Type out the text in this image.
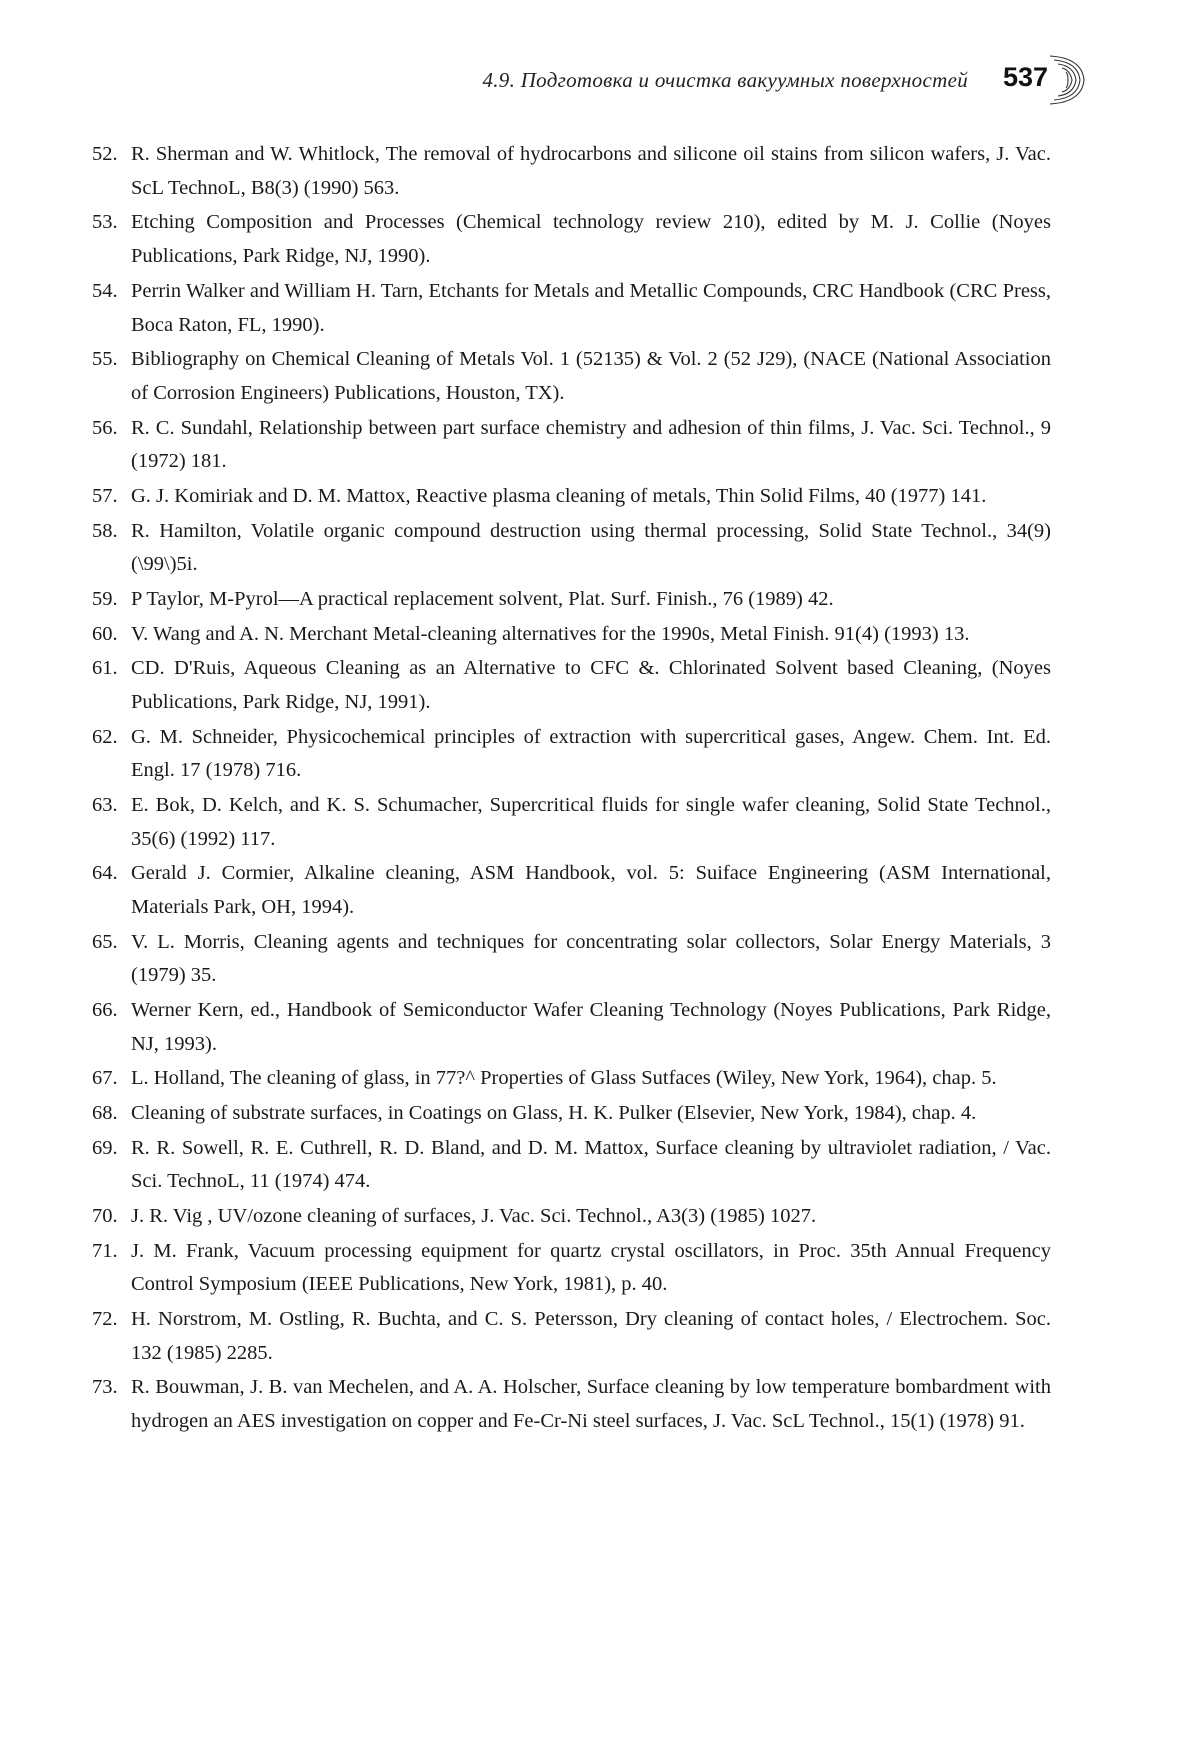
4.9. Подготовка и очистка вакуумных поверхностей 537
52. R. Sherman and W. Whitlock, The removal of hydrocarbons and silicone oil stains from silicon wafers, J. Vac. ScL TechnoL, B8(3) (1990) 563.
53. Etching Composition and Processes (Chemical technology review 210), edited by M. J. Collie (Noyes Publications, Park Ridge, NJ, 1990).
54. Perrin Walker and William H. Tarn, Etchants for Metals and Metallic Compounds, CRC Handbook (CRC Press, Boca Raton, FL, 1990).
55. Bibliography on Chemical Cleaning of Metals Vol. 1 (52135) & Vol. 2 (52 J29), (NACE (National Association of Corrosion Engineers) Publications, Houston, TX).
56. R. C. Sundahl, Relationship between part surface chemistry and adhesion of thin films, J. Vac. Sci. Technol., 9 (1972) 181.
57. G. J. Komiriak and D. M. Mattox, Reactive plasma cleaning of metals, Thin Solid Films, 40 (1977) 141.
58. R. Hamilton, Volatile organic compound destruction using thermal processing, Solid State Technol., 34(9)(\99\)5i.
59. P Taylor, M-Pyrol—A practical replacement solvent, Plat. Surf. Finish., 76 (1989) 42.
60. V. Wang and A. N. Merchant Metal-cleaning alternatives for the 1990s, Metal Finish. 91(4) (1993) 13.
61. CD. D'Ruis, Aqueous Cleaning as an Alternative to CFC &. Chlorinated Solvent based Cleaning, (Noyes Publications, Park Ridge, NJ, 1991).
62. G. M. Schneider, Physicochemical principles of extraction with supercritical gases, Angew. Chem. Int. Ed. Engl. 17 (1978) 716.
63. E. Bok, D. Kelch, and K. S. Schumacher, Supercritical fluids for single wafer cleaning, Solid State Technol., 35(6) (1992) 117.
64. Gerald J. Cormier, Alkaline cleaning, ASM Handbook, vol. 5: Suiface Engineering (ASM International, Materials Park, OH, 1994).
65. V. L. Morris, Cleaning agents and techniques for concentrating solar collectors, Solar Energy Materials, 3 (1979) 35.
66. Werner Kern, ed., Handbook of Semiconductor Wafer Cleaning Technology (Noyes Publications, Park Ridge, NJ, 1993).
67. L. Holland, The cleaning of glass, in 77?^ Properties of Glass Sutfaces (Wiley, New York, 1964), chap. 5.
68. Cleaning of substrate surfaces, in Coatings on Glass, H. K. Pulker (Elsevier, New York, 1984), chap. 4.
69. R. R. Sowell, R. E. Cuthrell, R. D. Bland, and D. M. Mattox, Surface cleaning by ultraviolet radiation, / Vac. Sci. TechnoL, 11 (1974) 474.
70. J. R. Vig , UV/ozone cleaning of surfaces, J. Vac. Sci. Technol., A3(3) (1985) 1027.
71. J. M. Frank, Vacuum processing equipment for quartz crystal oscillators, in Proc. 35th Annual Frequency Control Symposium (IEEE Publications, New York, 1981), p. 40.
72. H. Norstrom, M. Ostling, R. Buchta, and C. S. Petersson, Dry cleaning of contact holes, / Electrochem. Soc. 132 (1985) 2285.
73. R. Bouwman, J. B. van Mechelen, and A. A. Holscher, Surface cleaning by low temperature bombardment with hydrogen an AES investigation on copper and Fe-Cr-Ni steel surfaces, J. Vac. ScL Technol., 15(1) (1978) 91.
